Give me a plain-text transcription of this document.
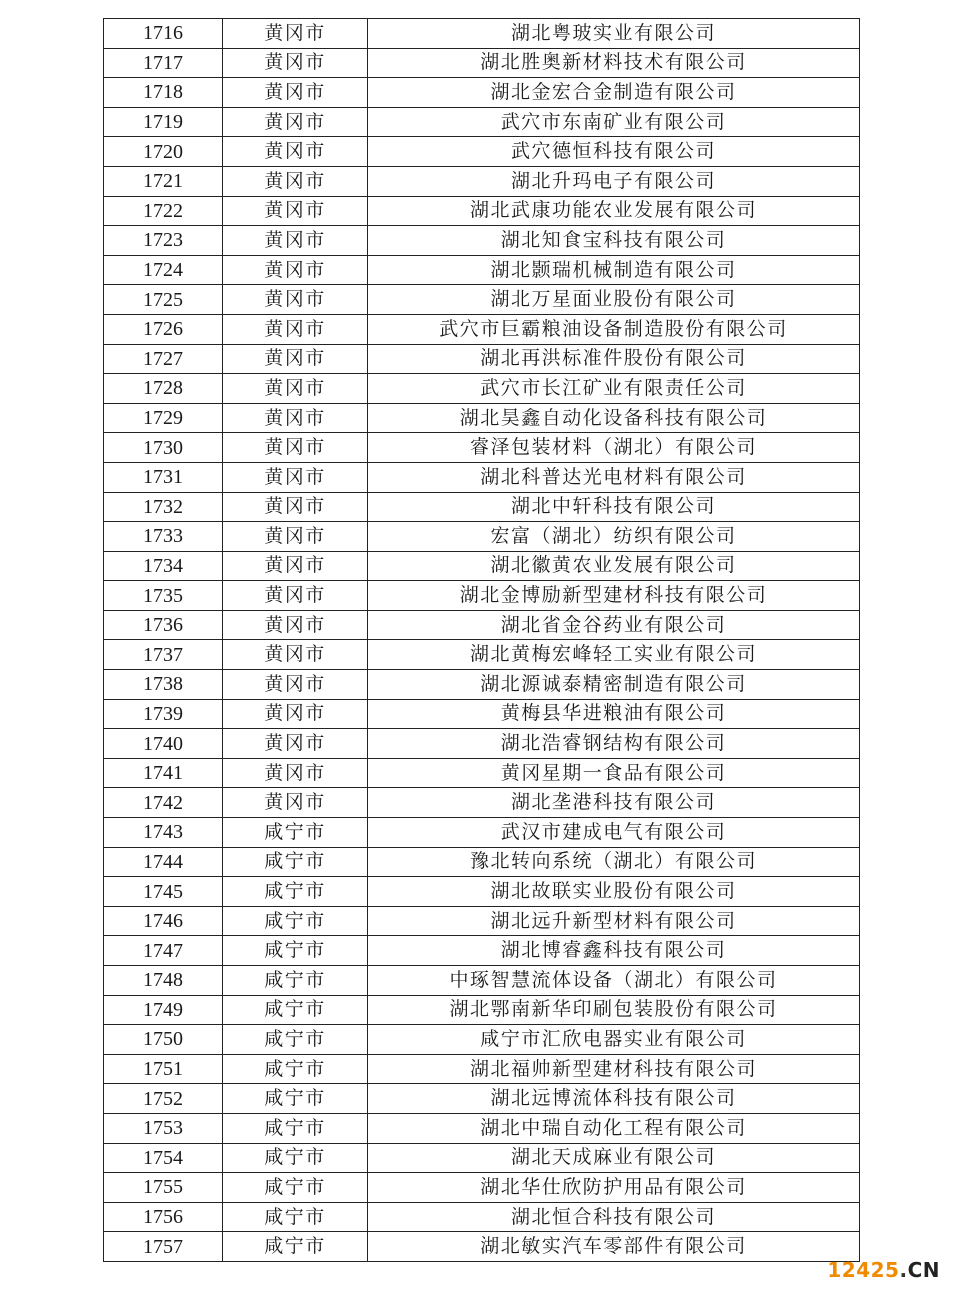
1716	黄冈市	湖北粤玻实业有限公司
1717	黄冈市	湖北胜奥新材料技术有限公司
1718	黄冈市	湖北金宏合金制造有限公司
1719	黄冈市	武穴市东南矿业有限公司
1720	黄冈市	武穴德恒科技有限公司
1721	黄冈市	湖北升玛电子有限公司
1722	黄冈市	湖北武康功能农业发展有限公司
1723	黄冈市	湖北知食宝科技有限公司
1724	黄冈市	湖北颢瑞机械制造有限公司
1725	黄冈市	湖北万星面业股份有限公司
1726	黄冈市	武穴市巨霸粮油设备制造股份有限公司
1727	黄冈市	湖北再洪标准件股份有限公司
1728	黄冈市	武穴市长江矿业有限责任公司
1729	黄冈市	湖北昊鑫自动化设备科技有限公司
1730	黄冈市	睿泽包装材料（湖北）有限公司
1731	黄冈市	湖北科普达光电材料有限公司
1732	黄冈市	湖北中轩科技有限公司
1733	黄冈市	宏富（湖北）纺织有限公司
1734	黄冈市	湖北徽黄农业发展有限公司
1735	黄冈市	湖北金博励新型建材科技有限公司
1736	黄冈市	湖北省金谷药业有限公司
1737	黄冈市	湖北黄梅宏峰轻工实业有限公司
1738	黄冈市	湖北源诚泰精密制造有限公司
1739	黄冈市	黄梅县华进粮油有限公司
1740	黄冈市	湖北浩睿钢结构有限公司
1741	黄冈市	黄冈星期一食品有限公司
1742	黄冈市	湖北垄港科技有限公司
1743	咸宁市	武汉市建成电气有限公司
1744	咸宁市	豫北转向系统（湖北）有限公司
1745	咸宁市	湖北故联实业股份有限公司
1746	咸宁市	湖北远升新型材料有限公司
1747	咸宁市	湖北博睿鑫科技有限公司
1748	咸宁市	中琢智慧流体设备（湖北）有限公司
1749	咸宁市	湖北鄂南新华印刷包装股份有限公司
1750	咸宁市	咸宁市汇欣电器实业有限公司
1751	咸宁市	湖北福帅新型建材科技有限公司
1752	咸宁市	湖北远博流体科技有限公司
1753	咸宁市	湖北中瑞自动化工程有限公司
1754	咸宁市	湖北天成麻业有限公司
1755	咸宁市	湖北华仕欣防护用品有限公司
1756	咸宁市	湖北恒合科技有限公司
1757	咸宁市	湖北敏实汽车零部件有限公司
12425.CN
